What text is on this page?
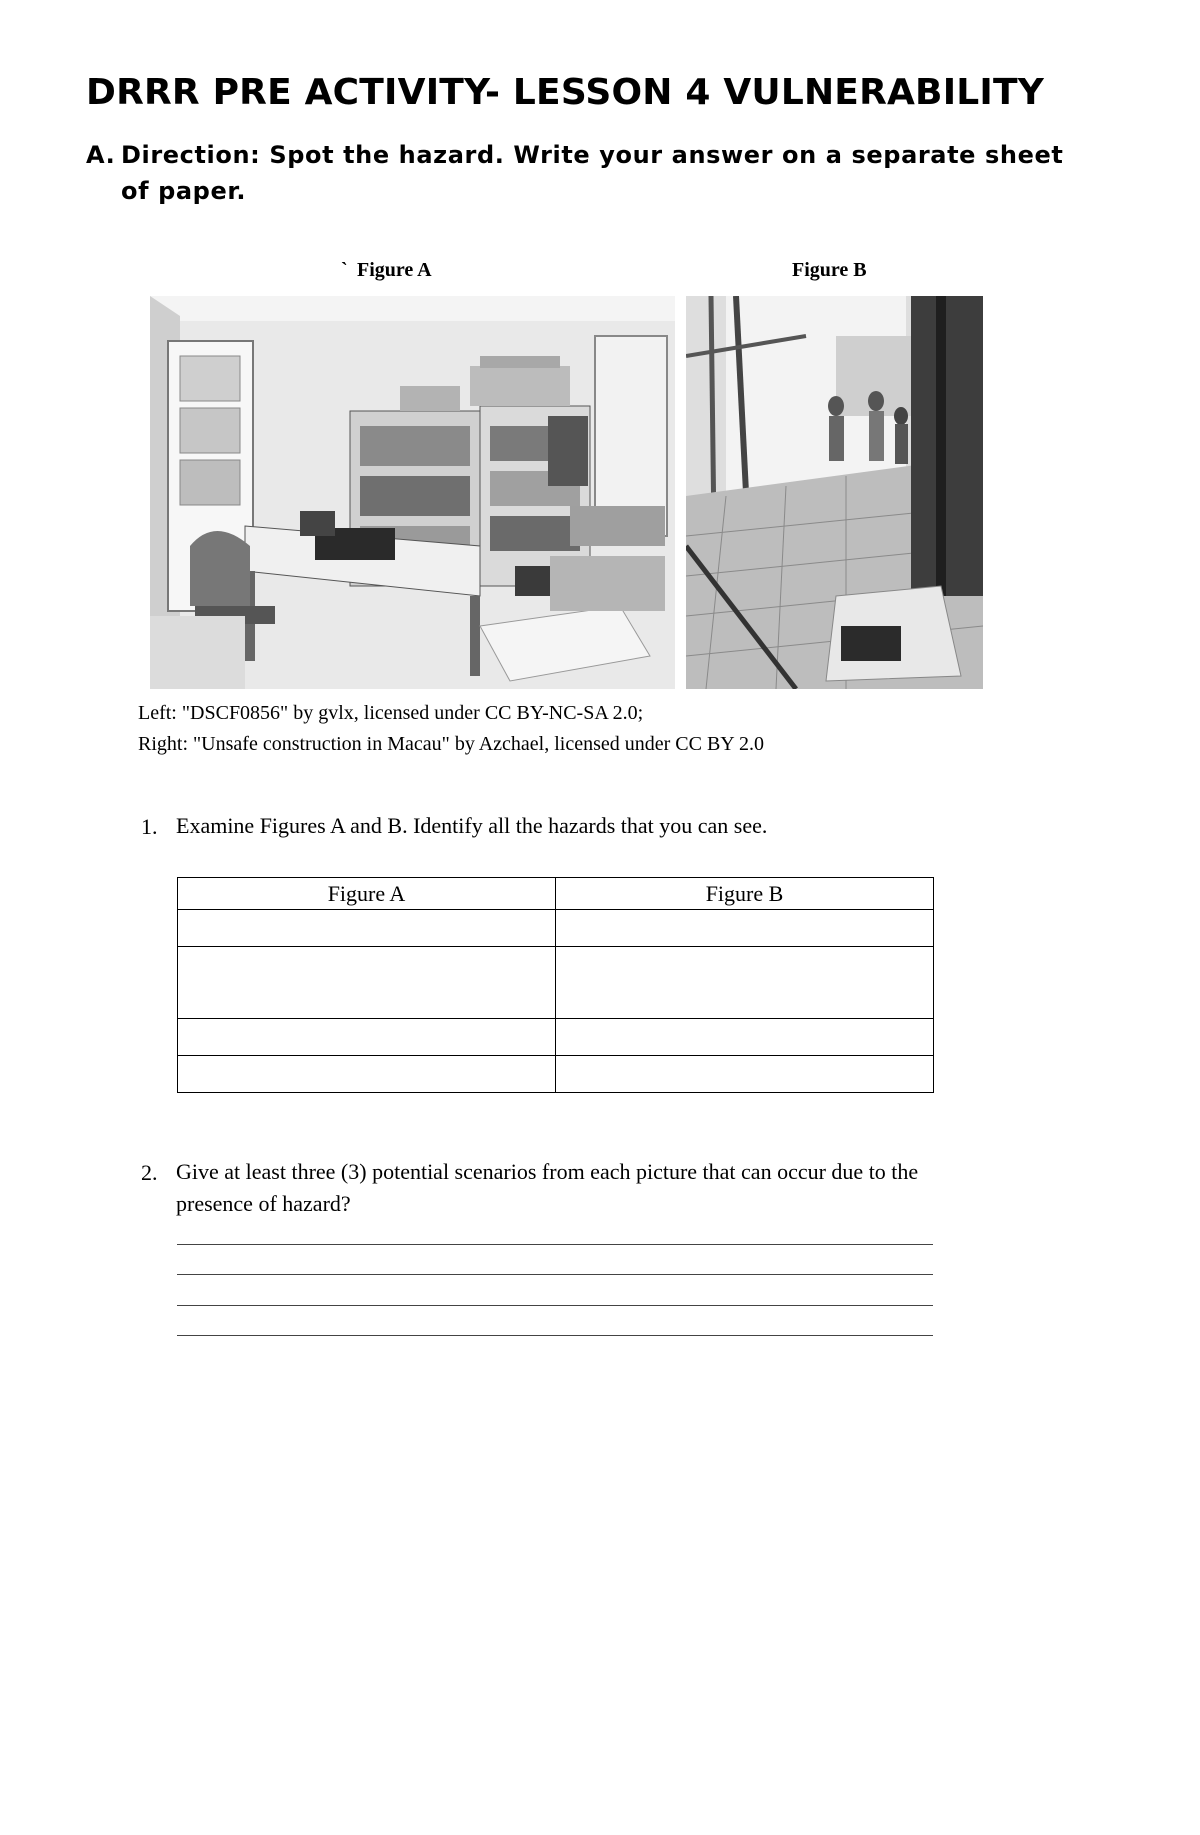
DRRR PRE ACTIVITY- LESSON 4 VULNERABILITY
A. Direction: Spot the hazard. Write your answer on a separate sheet of paper.
` Figure A	Figure B
Left: "DSCF0856" by gvlx, licensed under CC BY-NC-SA 2.0;
Right: "Unsafe construction in Macau" by Azchael, licensed under CC BY 2.0
1. Examine Figures A and B. Identify all the hazards that you can see.
Figure A	Figure B

2. Give at least three (3) potential scenarios from each picture that can occur due to the presence of hazard?
